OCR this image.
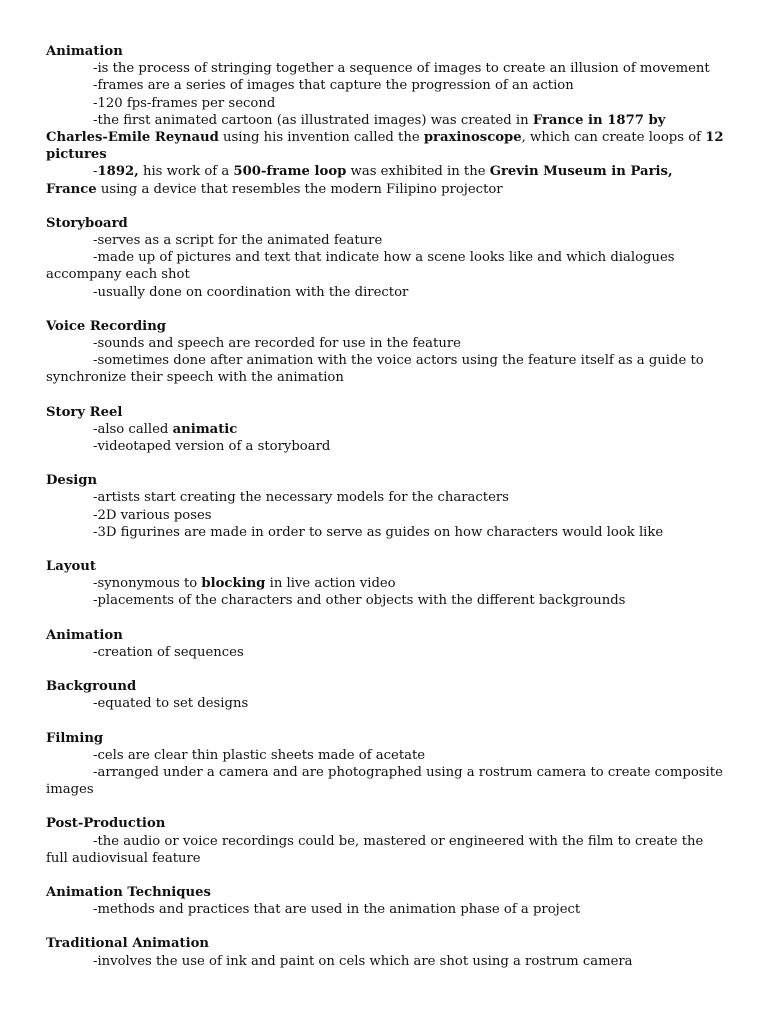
Animation
-is the process of stringing together a sequence of images to create an illusion of movement
-frames are a series of images that capture the progression of an action
-120 fps-frames per second
-the first animated cartoon (as illustrated images) was created in France in 1877 by Charles-Emile Reynaud using his invention called the praxinoscope, which can create loops of 12 pictures
-1892, his work of a 500-frame loop was exhibited in the Grevin Museum in Paris, France using a device that resembles the modern Filipino projector
Storyboard
-serves as a script for the animated feature
-made up of pictures and text that indicate how a scene looks like and which dialogues accompany each shot
-usually done on coordination with the director
Voice Recording
-sounds and speech are recorded for use in the feature
-sometimes done after animation with the voice actors using the feature itself as a guide to synchronize their speech with the animation
Story Reel
-also called animatic
-videotaped version of a storyboard
Design
-artists start creating the necessary models for the characters
-2D various poses
-3D figurines are made in order to serve as guides on how characters would look like
Layout
-synonymous to blocking in live action video
-placements of the characters and other objects with the different backgrounds
Animation
-creation of sequences
Background
-equated to set designs
Filming
-cels are clear thin plastic sheets made of acetate
-arranged under a camera and are photographed using a rostrum camera to create composite images
Post-Production
-the audio or voice recordings could be, mastered or engineered with the film to create the full audiovisual feature
Animation Techniques
-methods and practices that are used in the animation phase of a project
Traditional Animation
-involves the use of ink and paint on cels which are shot using a rostrum camera
